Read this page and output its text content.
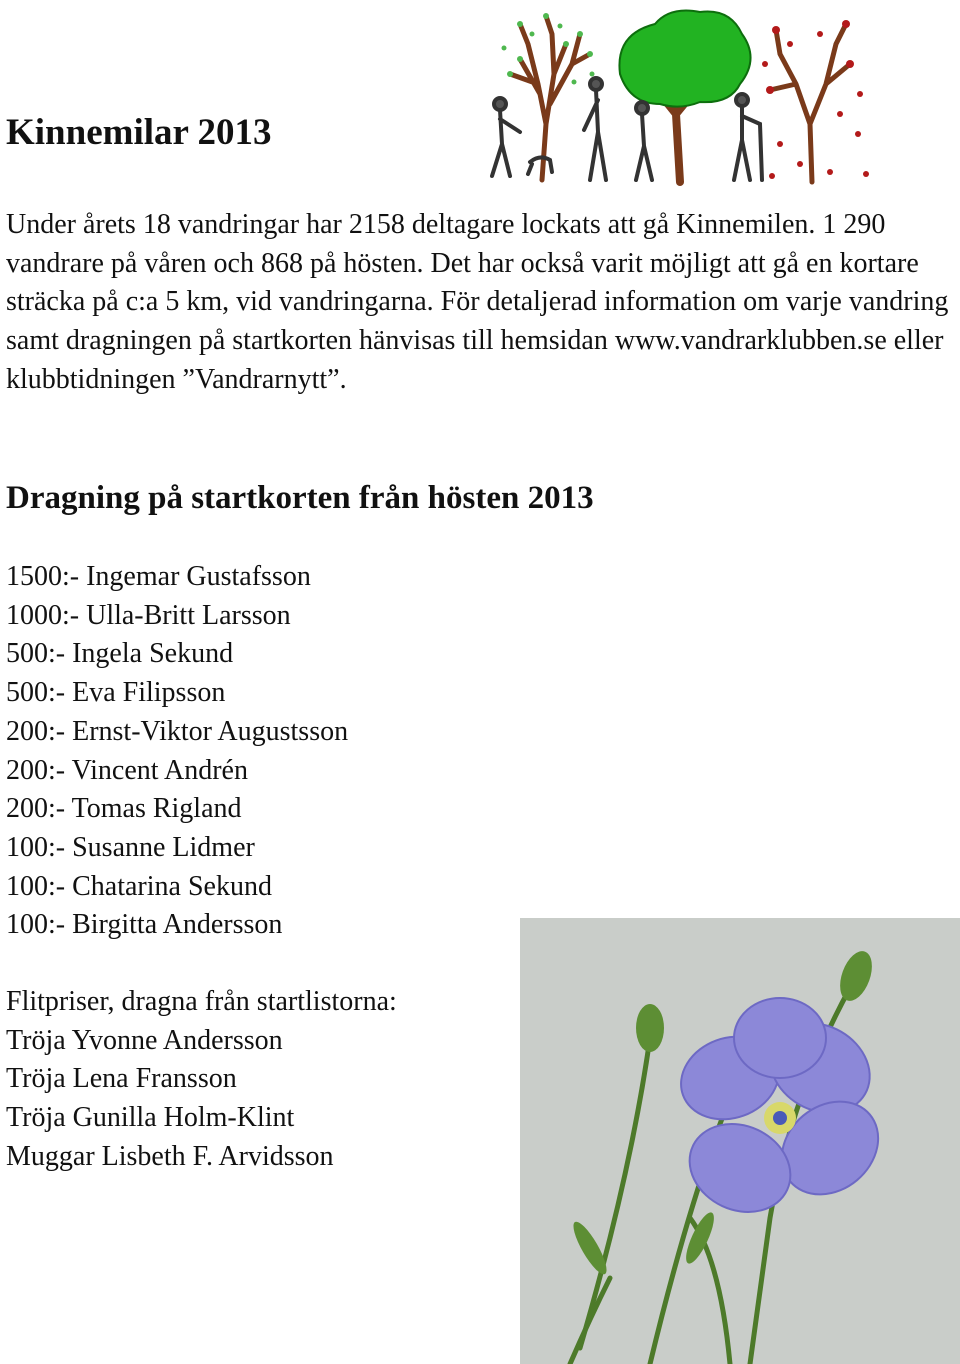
Kinnemilar 2013

Under årets 18 vandringar har 2158 deltagare lockats att gå Kinnemilen. 1 290 vandrare på våren och 868 på hösten. Det har också varit möjligt att gå en kortare sträcka på c:a 5 km, vid vandringarna. För detaljerad information om varje vandring samt dragningen på startkorten hänvisas till hemsidan www.vandrarklubben.se eller klubbtidningen ”Vandrarnytt”.

Dragning på startkorten från hösten 2013
1500:- Ingemar Gustafsson
1000:- Ulla-Britt Larsson
500:- Ingela Sekund
500:- Eva Filipsson
200:- Ernst-Viktor Augustsson
200:- Vincent Andrén
200:- Tomas Rigland
100:- Susanne Lidmer
100:- Chatarina Sekund
100:- Birgitta Andersson
Flitpriser, dragna från startlistorna:
Tröja Yvonne Andersson
Tröja Lena Fransson
Tröja Gunilla Holm-Klint
Muggar Lisbeth F. Arvidsson
